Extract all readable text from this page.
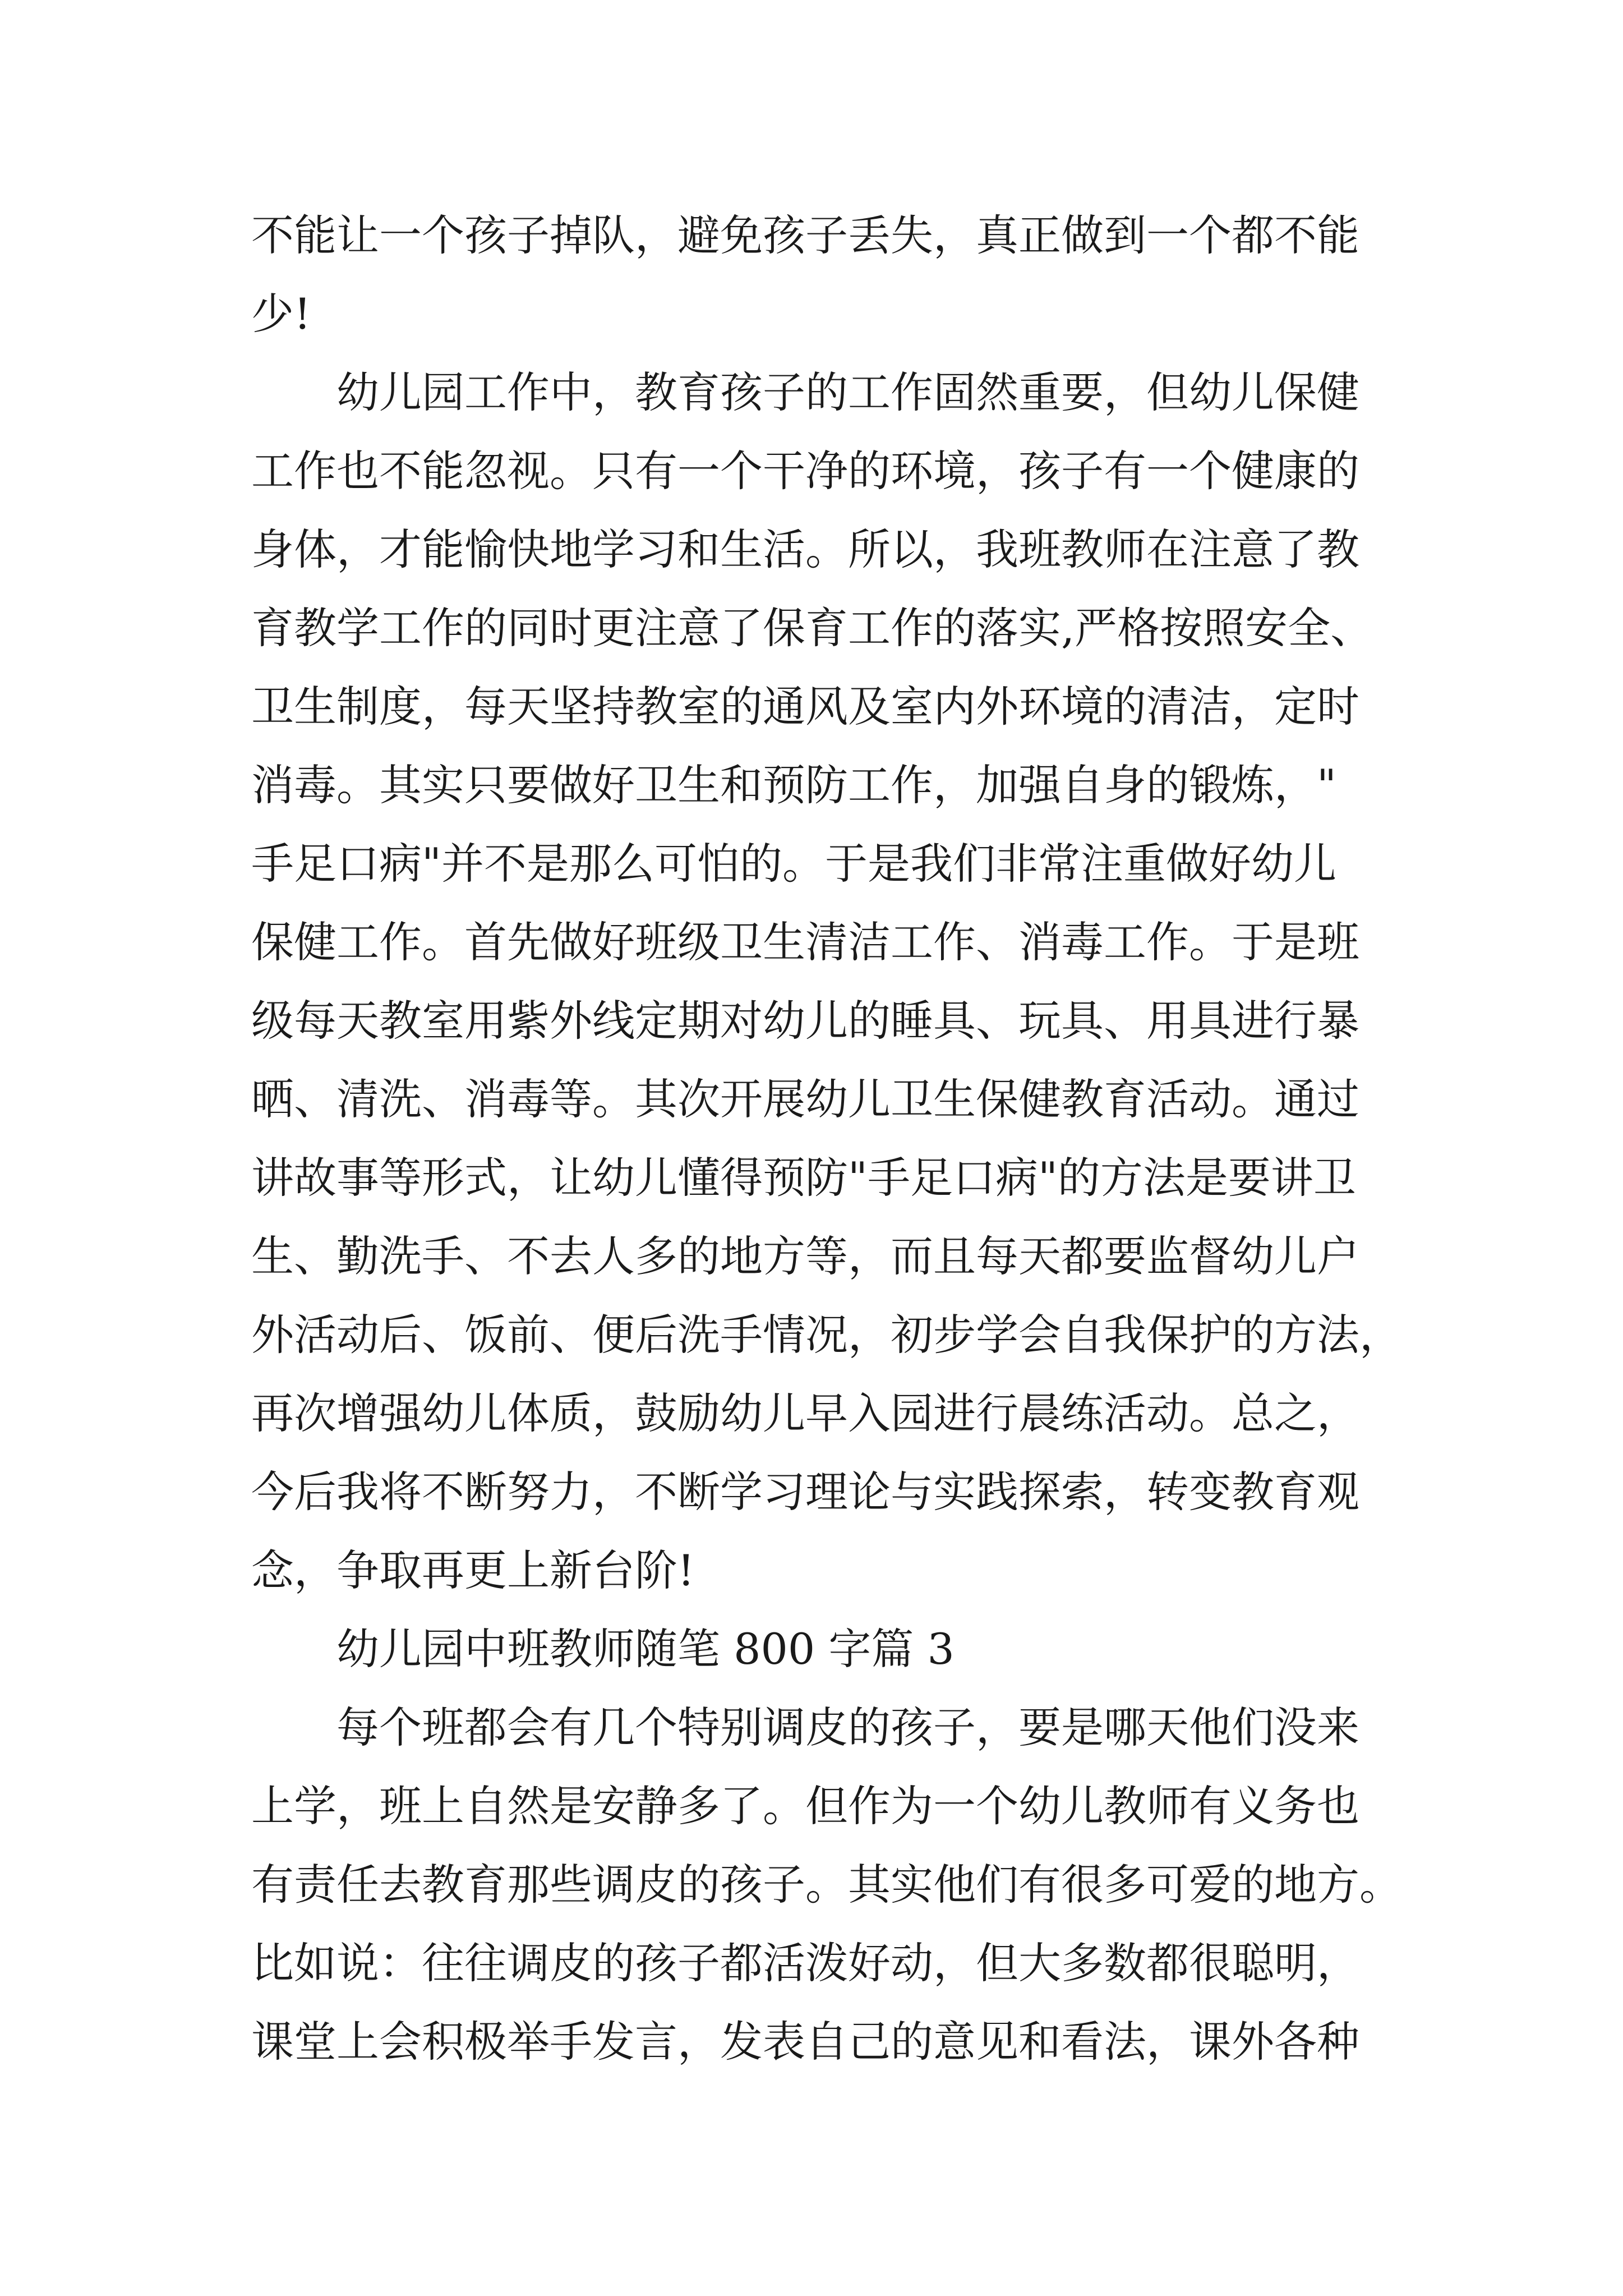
不能让一个孩子掉队，避免孩子丢失，真正做到一个都不能
少!
幼儿园工作中，教育孩子的工作固然重要，但幼儿保健
工作也不能忽视。只有一个干净的环境，孩子有一个健康的
身体，才能愉快地学习和生活。所以，我班教师在注意了教
育教学工作的同时更注意了保育工作的落实,严格按照安全、
卫生制度，每天坚持教室的通风及室内外环境的清洁，定时
消毒。其实只要做好卫生和预防工作，加强自身的锻炼，"
手足口病"并不是那么可怕的。于是我们非常注重做好幼儿
保健工作。首先做好班级卫生清洁工作、消毒工作。于是班
级每天教室用紫外线定期对幼儿的睡具、玩具、用具进行暴
晒、清洗、消毒等。其次开展幼儿卫生保健教育活动。通过
讲故事等形式，让幼儿懂得预防"手足口病"的方法是要讲卫
生、勤洗手、不去人多的地方等，而且每天都要监督幼儿户
外活动后、饭前、便后洗手情况，初步学会自我保护的方法，
再次增强幼儿体质，鼓励幼儿早入园进行晨练活动。总之，
今后我将不断努力，不断学习理论与实践探索，转变教育观
念，争取再更上新台阶!
幼儿园中班教师随笔 800 字篇 3
每个班都会有几个特别调皮的孩子，要是哪天他们没来
上学，班上自然是安静多了。但作为一个幼儿教师有义务也
有责任去教育那些调皮的孩子。其实他们有很多可爱的地方。
比如说：往往调皮的孩子都活泼好动，但大多数都很聪明，
课堂上会积极举手发言，发表自己的意见和看法，课外各种
